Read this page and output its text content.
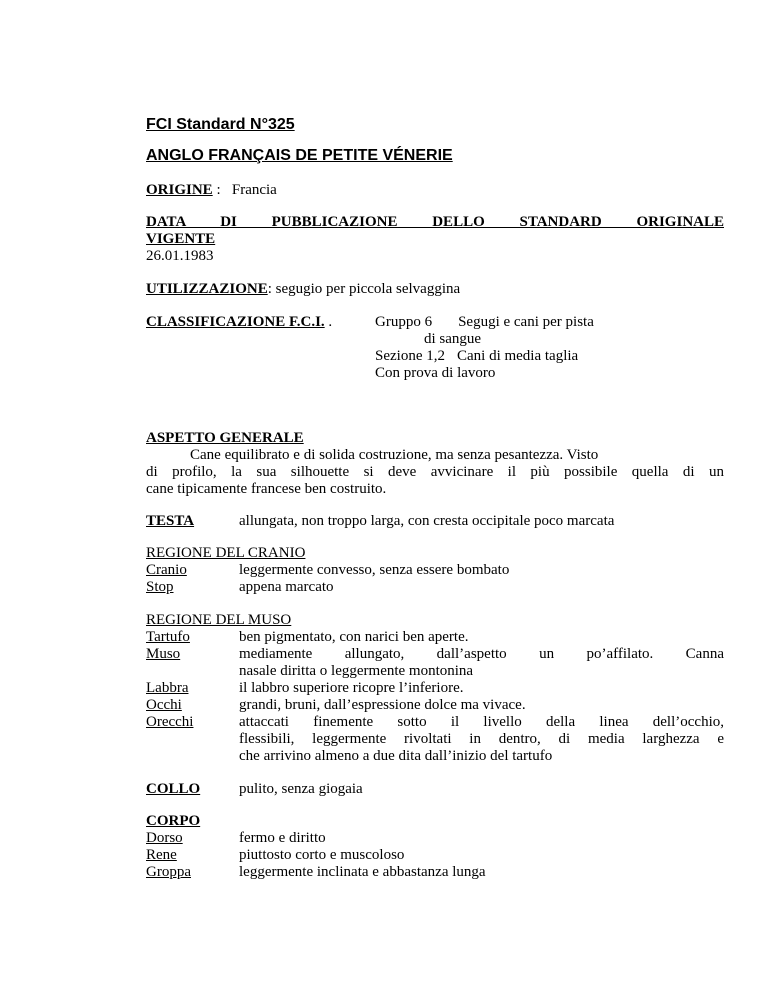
FCI Standard N°325
ANGLO FRANÇAIS DE PETITE VÉNERIE
ORIGINE : Francia
DATA DI PUBBLICAZIONE DELLO STANDARD ORIGINALE
VIGENTE
26.01.1983
UTILIZZAZIONE: segugio per piccola selvaggina
CLASSIFICAZIONE F.C.I. .	Gruppo 6 Segugi e cani per pista
di sangue
Sezione 1,2 Cani di media taglia
Con prova di lavoro
ASPETTO GENERALE
Cane equilibrato e di solida costruzione, ma senza pesantezza. Visto
di profilo, la sua silhouette si deve avvicinare il più possibile quella di un
cane tipicamente francese ben costruito.
TESTA	allungata, non troppo larga, con cresta occipitale poco marcata
REGIONE DEL CRANIO
Cranio	leggermente convesso, senza essere bombato
Stop	appena marcato
REGIONE DEL MUSO
Tartufo	ben pigmentato, con narici ben aperte.
Muso	mediamente allungato, dall’aspetto un po’affilato. Canna
nasale diritta o leggermente montonina
Labbra	il labbro superiore ricopre l’inferiore.
Occhi	grandi, bruni, dall’espressione dolce ma vivace.
Orecchi	attaccati finemente sotto il livello della linea dell’occhio,
flessibili, leggermente rivoltati in dentro, di media larghezza e
che arrivino almeno a due dita dall’inizio del tartufo
COLLO	pulito, senza giogaia
CORPO
Dorso	fermo e diritto
Rene	piuttosto corto e muscoloso
Groppa	leggermente inclinata e abbastanza lunga
